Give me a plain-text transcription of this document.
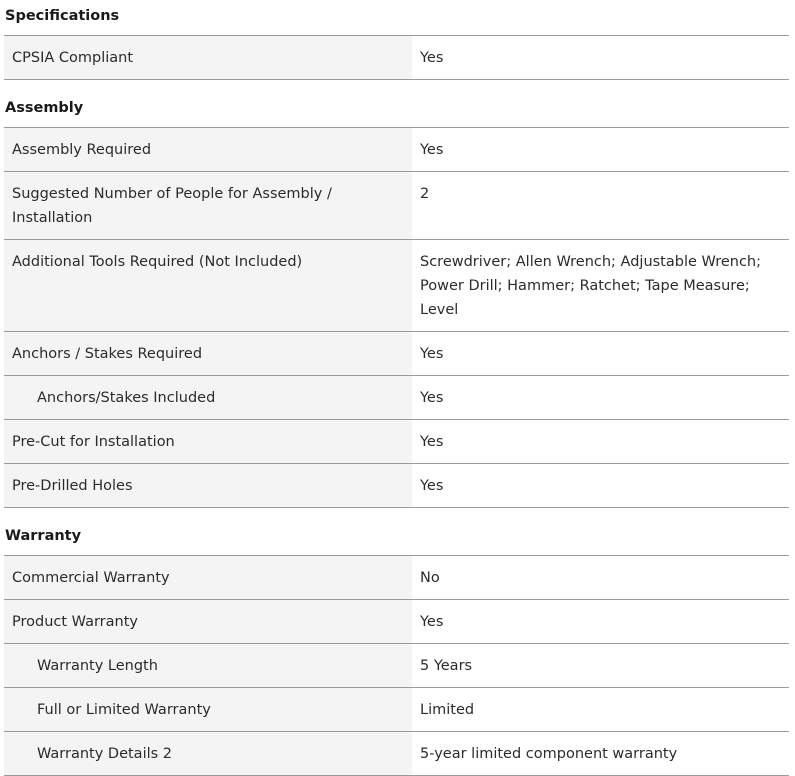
Specifications
CPSIA Compliant	Yes
Assembly
Assembly Required	Yes
Suggested Number of People for Assembly / Installation	2
Additional Tools Required (Not Included)	Screwdriver; Allen Wrench; Adjustable Wrench; Power Drill; Hammer; Ratchet; Tape Measure; Level
Anchors / Stakes Required	Yes
Anchors/Stakes Included	Yes
Pre-Cut for Installation	Yes
Pre-Drilled Holes	Yes
Warranty
Commercial Warranty	No
Product Warranty	Yes
Warranty Length	5 Years
Full or Limited Warranty	Limited
Warranty Details 2	5-year limited component warranty
